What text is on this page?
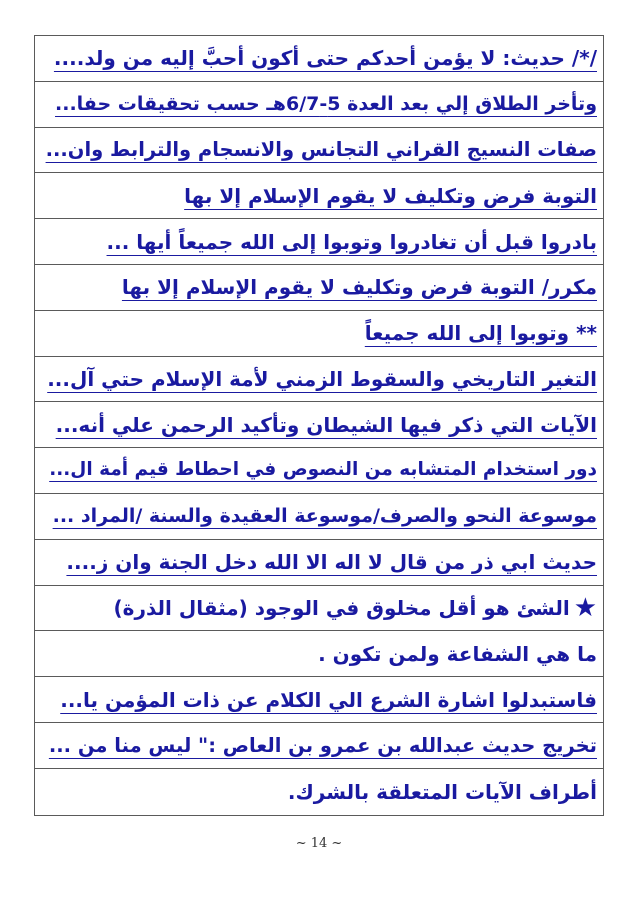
/*/ حديث: لا يؤمن أحدكم حتى أكون أحبَّ إليه من ولد....
وتأخر الطلاق إلي بعد العدة 5-6/7هـ حسب تحقيقات حفا...
صفات النسيج القراني التجانس والانسجام والترابط وان...
التوبة فرض وتكليف لا يقوم الإسلام إلا بها
بادروا قبل أن تغادروا وتوبوا إلى الله جميعاً أيها ...
مكرر/ التوبة فرض وتكليف لا يقوم الإسلام إلا بها
** وتوبوا إلى الله جميعاً
التغير التاريخي والسقوط الزمني لأمة الإسلام حتي آل...
الآيات التي ذكر فيها الشيطان وتأكيد الرحمن علي أنه...
دور استخدام المتشابه من النصوص في احطاط قيم أمة ال...
موسوعة النحو والصرف/موسوعة العقيدة والسنة /المراد ...
حديث ابي ذر من قال لا اله الا الله دخل الجنة وان ز....
★
الشئ هو أقل مخلوق في الوجود (مثقال الذرة)
ما هي الشفاعة ولمن تكون .
فاستبدلوا اشارة الشرع الي الكلام عن ذات المؤمن يا...
تخريج حديث عبدالله بن عمرو بن العاص :" ليس منا من ...
أطراف الآيات المتعلقة بالشرك.
~ 14 ~
